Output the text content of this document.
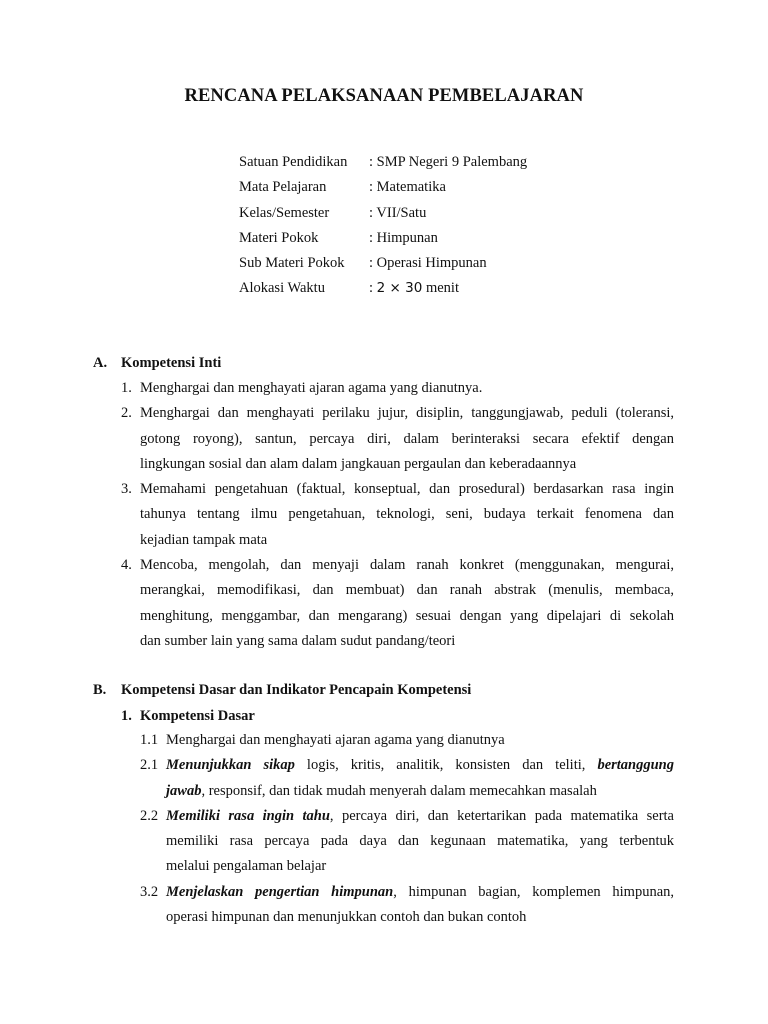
RENCANA PELAKSANAAN PEMBELAJARAN
Satuan Pendidikan	: SMP Negeri 9 Palembang
Mata Pelajaran	: Matematika
Kelas/Semester	: VII/Satu
Materi Pokok	: Himpunan
Sub Materi Pokok	: Operasi Himpunan
Alokasi Waktu	: 2 × 30 menit
A. Kompetensi Inti
1. Menghargai dan menghayati ajaran agama yang dianutnya.
2. Menghargai dan menghayati perilaku jujur, disiplin, tanggungjawab, peduli (toleransi,
gotong royong), santun, percaya diri, dalam berinteraksi secara efektif dengan
lingkungan sosial dan alam dalam jangkauan pergaulan dan keberadaannya
3. Memahami pengetahuan (faktual, konseptual, dan prosedural) berdasarkan rasa ingin
tahunya tentang ilmu pengetahuan, teknologi, seni, budaya terkait fenomena dan
kejadian tampak mata
4. Mencoba, mengolah, dan menyaji dalam ranah konkret (menggunakan, mengurai,
merangkai, memodifikasi, dan membuat) dan ranah abstrak (menulis, membaca,
menghitung, menggambar, dan mengarang) sesuai dengan yang dipelajari di sekolah
dan sumber lain yang sama dalam sudut pandang/teori
B.	Kompetensi Dasar dan Indikator Pencapain Kompetensi
1. Kompetensi Dasar
1.1 Menghargai dan menghayati ajaran agama yang dianutnya
2.1 Menunjukkan sikap logis, kritis, analitik, konsisten dan teliti, bertanggung
jawab, responsif, dan tidak mudah menyerah dalam memecahkan masalah
2.2 Memiliki rasa ingin tahu, percaya diri, dan ketertarikan pada matematika serta
memiliki rasa percaya pada daya dan kegunaan matematika, yang terbentuk
melalui pengalaman belajar
3.2 Menjelaskan pengertian himpunan, himpunan bagian, komplemen himpunan,
operasi himpunan dan menunjukkan contoh dan bukan contoh
